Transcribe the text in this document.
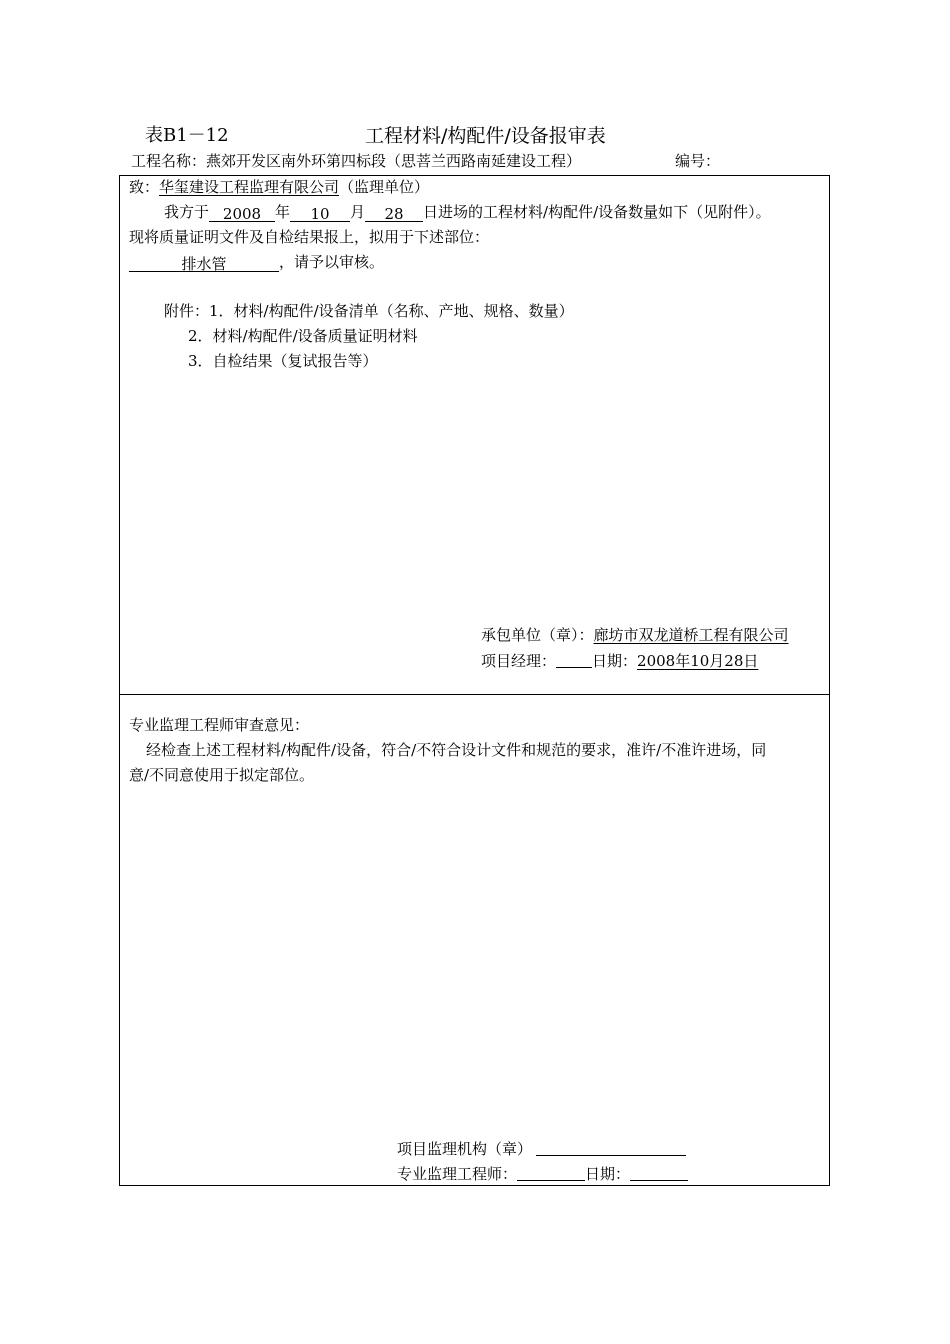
表B1－12	工程材料/构配件/设备报审表
工程名称：燕郊开发区南外环第四标段（思菩兰西路南延建设工程）	编号：
致：华玺建设工程监理有限公司（监理单位）
我方于 2008 年 10 月 28 日进场的工程材料/构配件/设备数量如下（见附件）。
现将质量证明文件及自检结果报上，拟用于下述部位：
排水管	，请予以审核。
附件：1．材料/构配件/设备清单（名称、产地、规格、数量）
2．材料/构配件/设备质量证明材料
3．自检结果（复试报告等）
承包单位（章）：廊坊市双龙道桥工程有限公司
项目经理： 日期：2008年10月28日
专业监理工程师审查意见：
经检查上述工程材料/构配件/设备，符合/不符合设计文件和规范的要求，准许/不准许进场，同
意/不同意使用于拟定部位。
项目监理机构（章）
专业监理工程师：	日期：
